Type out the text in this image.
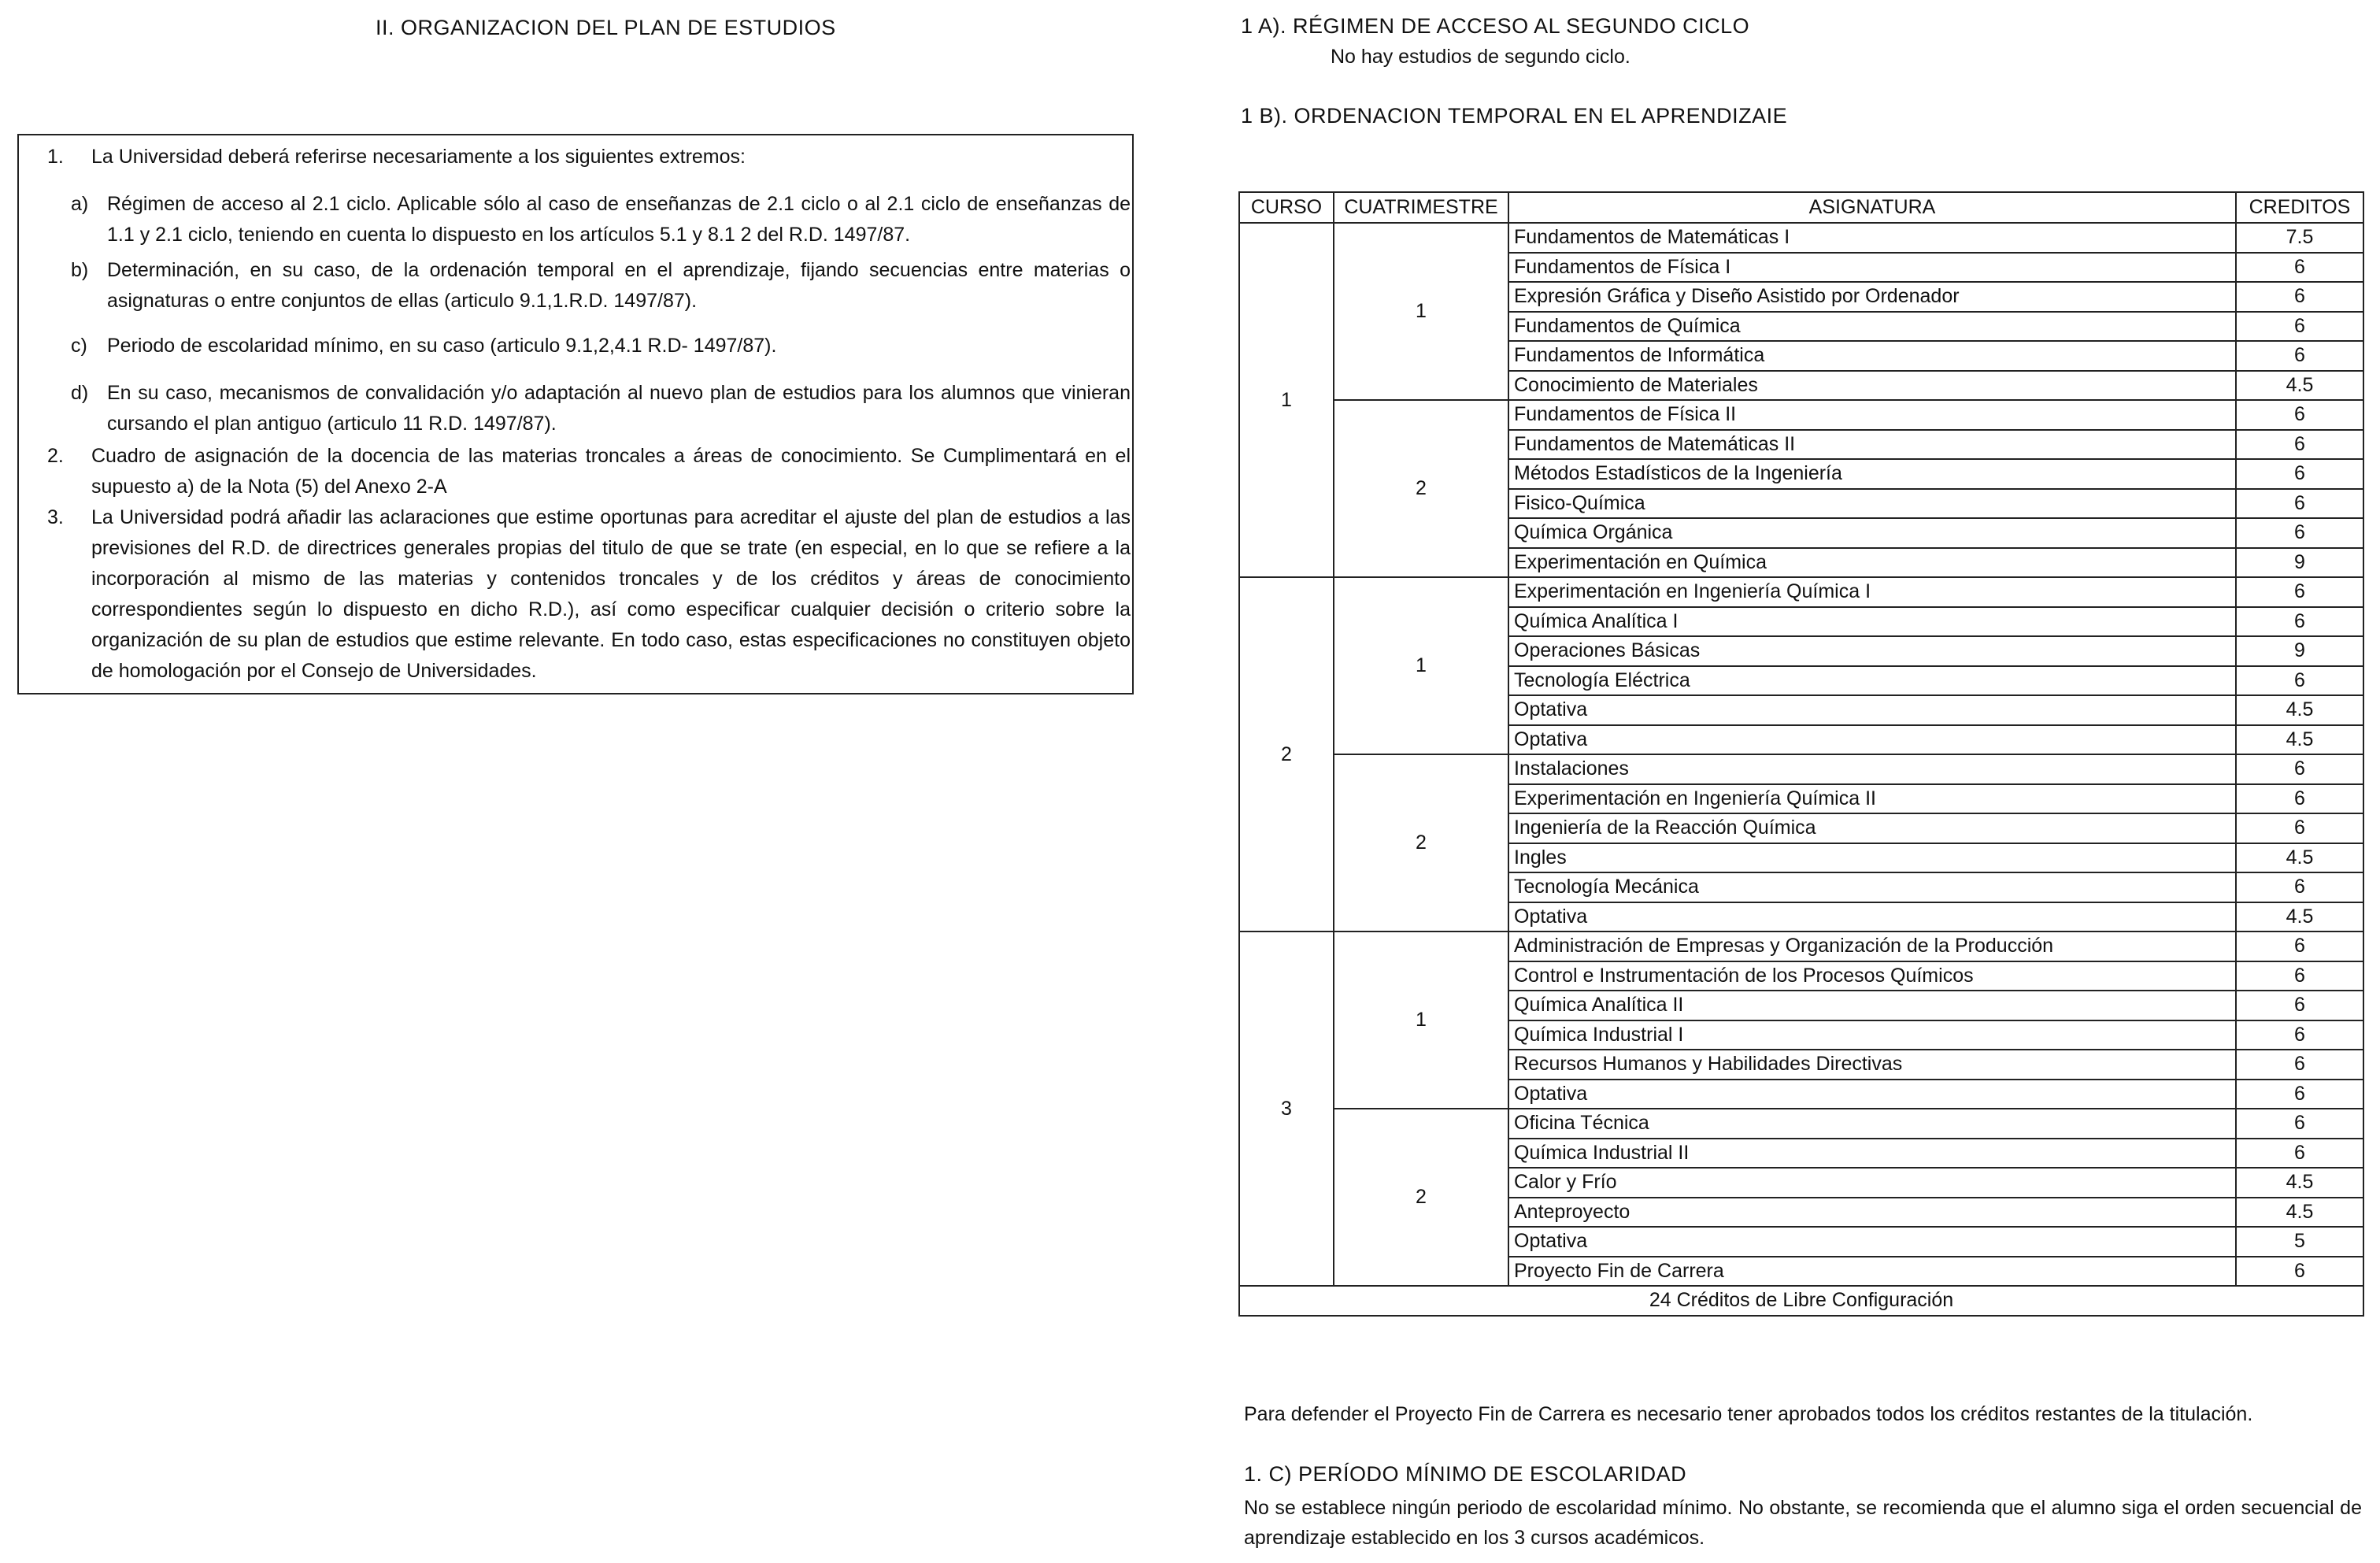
II. ORGANIZACION DEL PLAN DE ESTUDIOS
1. La Universidad deberá referirse necesariamente a los siguientes extremos:
a) Régimen de acceso al 2.1 ciclo. Aplicable sólo al caso de enseñanzas de 2.1 ciclo o al 2.1 ciclo de enseñanzas de 1.1 y 2.1 ciclo, teniendo en cuenta lo dispuesto en los artículos 5.1 y 8.1 2 del R.D. 1497/87.
b) Determinación, en su caso, de la ordenación temporal en el aprendizaje, fijando secuencias entre materias o asignaturas o entre conjuntos de ellas (articulo 9.1,1.R.D. 1497/87).
c) Periodo de escolaridad mínimo, en su caso (articulo 9.1,2,4.1 R.D- 1497/87).
d) En su caso, mecanismos de convalidación y/o adaptación al nuevo plan de estudios para los alumnos que vinieran cursando el plan antiguo (articulo 11 R.D. 1497/87).
2. Cuadro de asignación de la docencia de las materias troncales a áreas de conocimiento. Se Cumplimentará en el supuesto a) de la Nota (5) del Anexo 2-A
3. La Universidad podrá añadir las aclaraciones que estime oportunas para acreditar el ajuste del plan de estudios a las previsiones del R.D. de directrices generales propias del titulo de que se trate (en especial, en lo que se refiere a la incorporación al mismo de las materias y contenidos troncales y de los créditos y áreas de conocimiento correspondientes según lo dispuesto en dicho R.D.), así como especificar cualquier decisión o criterio sobre la organización de su plan de estudios que estime relevante. En todo caso, estas especificaciones no constituyen objeto de homologación por el Consejo de Universidades.
1 A). RÉGIMEN DE ACCESO AL SEGUNDO CICLO
No hay estudios de segundo ciclo.
1 B). ORDENACION TEMPORAL EN EL APRENDIZAIE
CURSO	CUATRIMESTRE	ASIGNATURA	CREDITOS
1	1	Fundamentos de Matemáticas I	7.5
		Fundamentos de Física I	6
		Expresión Gráfica y Diseño Asistido por Ordenador	6
		Fundamentos de Química	6
		Fundamentos de Informática	6
		Conocimiento de Materiales	4.5
	2	Fundamentos de Física II	6
		Fundamentos de Matemáticas II	6
		Métodos Estadísticos de la Ingeniería	6
		Fisico-Química	6
		Química Orgánica	6
		Experimentación en Química	9
2	1	Experimentación en Ingeniería Química I	6
		Química Analítica I	6
		Operaciones Básicas	9
		Tecnología Eléctrica	6
		Optativa	4.5
		Optativa	4.5
	2	Instalaciones	6
		Experimentación en Ingeniería Química II	6
		Ingeniería de la Reacción Química	6
		Ingles	4.5
		Tecnología Mecánica	6
		Optativa	4.5
3	1	Administración de Empresas y Organización de la Producción	6
		Control e Instrumentación de los Procesos Químicos	6
		Química Analítica II	6
		Química Industrial I	6
		Recursos Humanos y Habilidades Directivas	6
		Optativa	6
	2	Oficina Técnica	6
		Química Industrial II	6
		Calor y Frío	4.5
		Anteproyecto	4.5
		Optativa	5
		Proyecto Fin de Carrera	6
24 Créditos de Libre Configuración			
Para defender el Proyecto Fin de Carrera es necesario tener aprobados todos los créditos restantes de la titulación.
1. C) PERÍODO MÍNIMO DE ESCOLARIDAD
No se establece ningún periodo de escolaridad mínimo. No obstante, se recomienda que el alumno siga el orden secuencial de aprendizaje establecido en los 3 cursos académicos.
